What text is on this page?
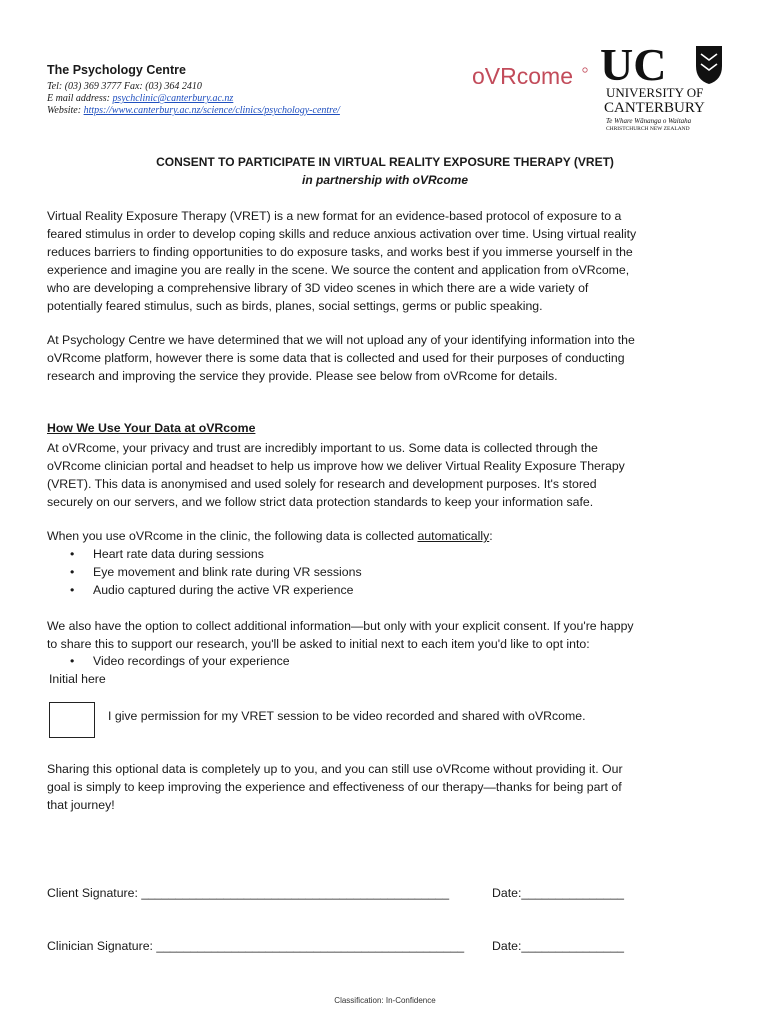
The Psychology Centre
Tel: (03) 369 3777 Fax: (03) 364 2410
E mail address: psychclinic@canterbury.ac.nz
Website: https://www.canterbury.ac.nz/science/clinics/psychology-centre/
oVRcome UC
UNIVERSITY OF
CANTERBURY
Te Whare Wānanga o Waitaha
CHRISTCHURCH NEW ZEALAND
CONSENT TO PARTICIPATE IN VIRTUAL REALITY EXPOSURE THERAPY (VRET)
in partnership with oVRcome
Virtual Reality Exposure Therapy (VRET) is a new format for an evidence-based protocol of exposure to a
feared stimulus in order to develop coping skills and reduce anxious activation over time. Using virtual reality
reduces barriers to finding opportunities to do exposure tasks, and works best if you immerse yourself in the
experience and imagine you are really in the scene. We source the content and application from oVRcome,
who are developing a comprehensive library of 3D video scenes in which there are a wide variety of
potentially feared stimulus, such as birds, planes, social settings, germs or public speaking.
At Psychology Centre we have determined that we will not upload any of your identifying information into the
oVRcome platform, however there is some data that is collected and used for their purposes of conducting
research and improving the service they provide. Please see below from oVRcome for details.
How We Use Your Data at oVRcome
At oVRcome, your privacy and trust are incredibly important to us. Some data is collected through the
oVRcome clinician portal and headset to help us improve how we deliver Virtual Reality Exposure Therapy
(VRET). This data is anonymised and used solely for research and development purposes. It's stored
securely on our servers, and we follow strict data protection standards to keep your information safe.
When you use oVRcome in the clinic, the following data is collected automatically:
• Heart rate data during sessions
• Eye movement and blink rate during VR sessions
• Audio captured during the active VR experience
We also have the option to collect additional information—but only with your explicit consent. If you're happy
to share this to support our research, you'll be asked to initial next to each item you'd like to opt into:
• Video recordings of your experience
Initial here
I give permission for my VRET session to be video recorded and shared with oVRcome.
Sharing this optional data is completely up to you, and you can still use oVRcome without providing it. Our
goal is simply to keep improving the experience and effectiveness of our therapy—thanks for being part of
that journey!
Client Signature: _____________________________________________	Date:_______________
Clinician Signature: _____________________________________________ Date:_______________
Classification: In-Confidence
